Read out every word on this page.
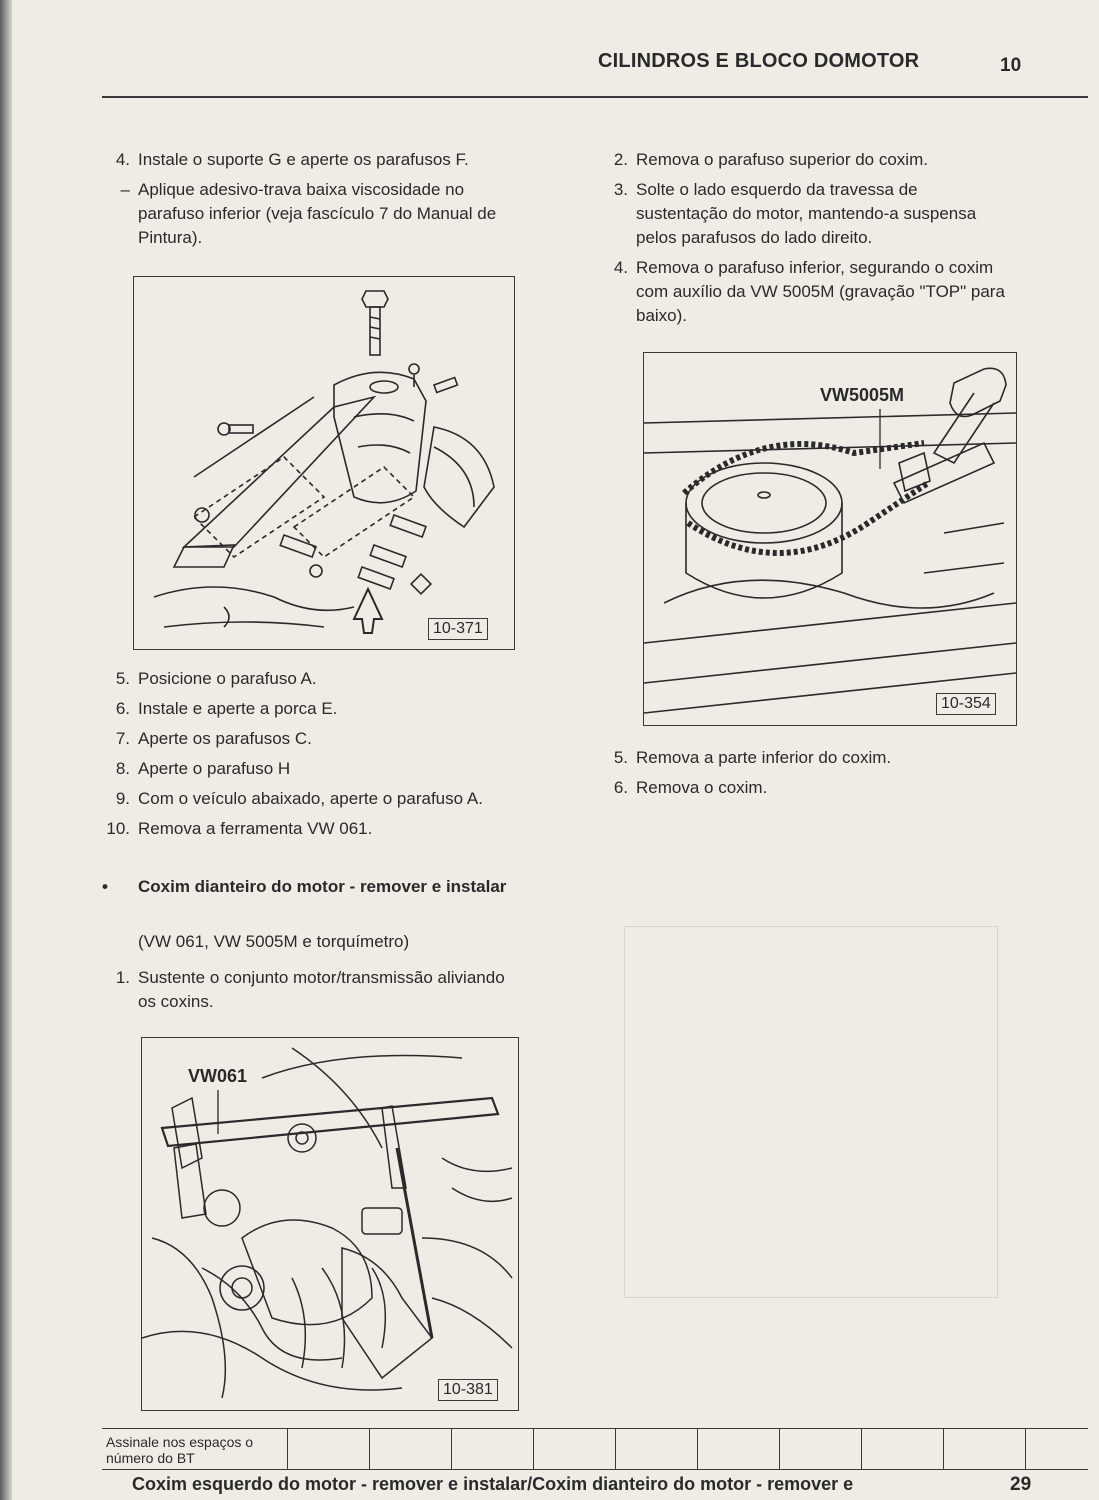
CILINDROS E BLOCO DOMOTOR	10
4. Instale o suporte G e aperte os parafusos F.
– Aplique adesivo-trava baixa viscosidade no parafuso inferior (veja fascículo 7 do Manual de Pintura).
10-371
5. Posicione o parafuso A.
6. Instale e aperte a porca E.
7. Aperte os parafusos C.
8. Aperte o parafuso H
9. Com o veículo abaixado, aperte o parafuso A.
10. Remova a ferramenta VW 061.
• Coxim dianteiro do motor - remover e instalar
(VW 061, VW 5005M e torquímetro)
1. Sustente o conjunto motor/transmissão aliviando os coxins.
VW061
10-381
2. Remova o parafuso superior do coxim.
3. Solte o lado esquerdo da travessa de sustentação do motor, mantendo-a suspensa pelos parafusos do lado direito.
4. Remova o parafuso inferior, segurando o coxim com auxílio da VW 5005M (gravação "TOP" para baixo).
VW5005M
10-354
5. Remova a parte inferior do coxim.
6. Remova o coxim.
Assinale nos espaços o número do BT
Coxim esquerdo do motor - remover e instalar/Coxim dianteiro do motor - remover e	29
